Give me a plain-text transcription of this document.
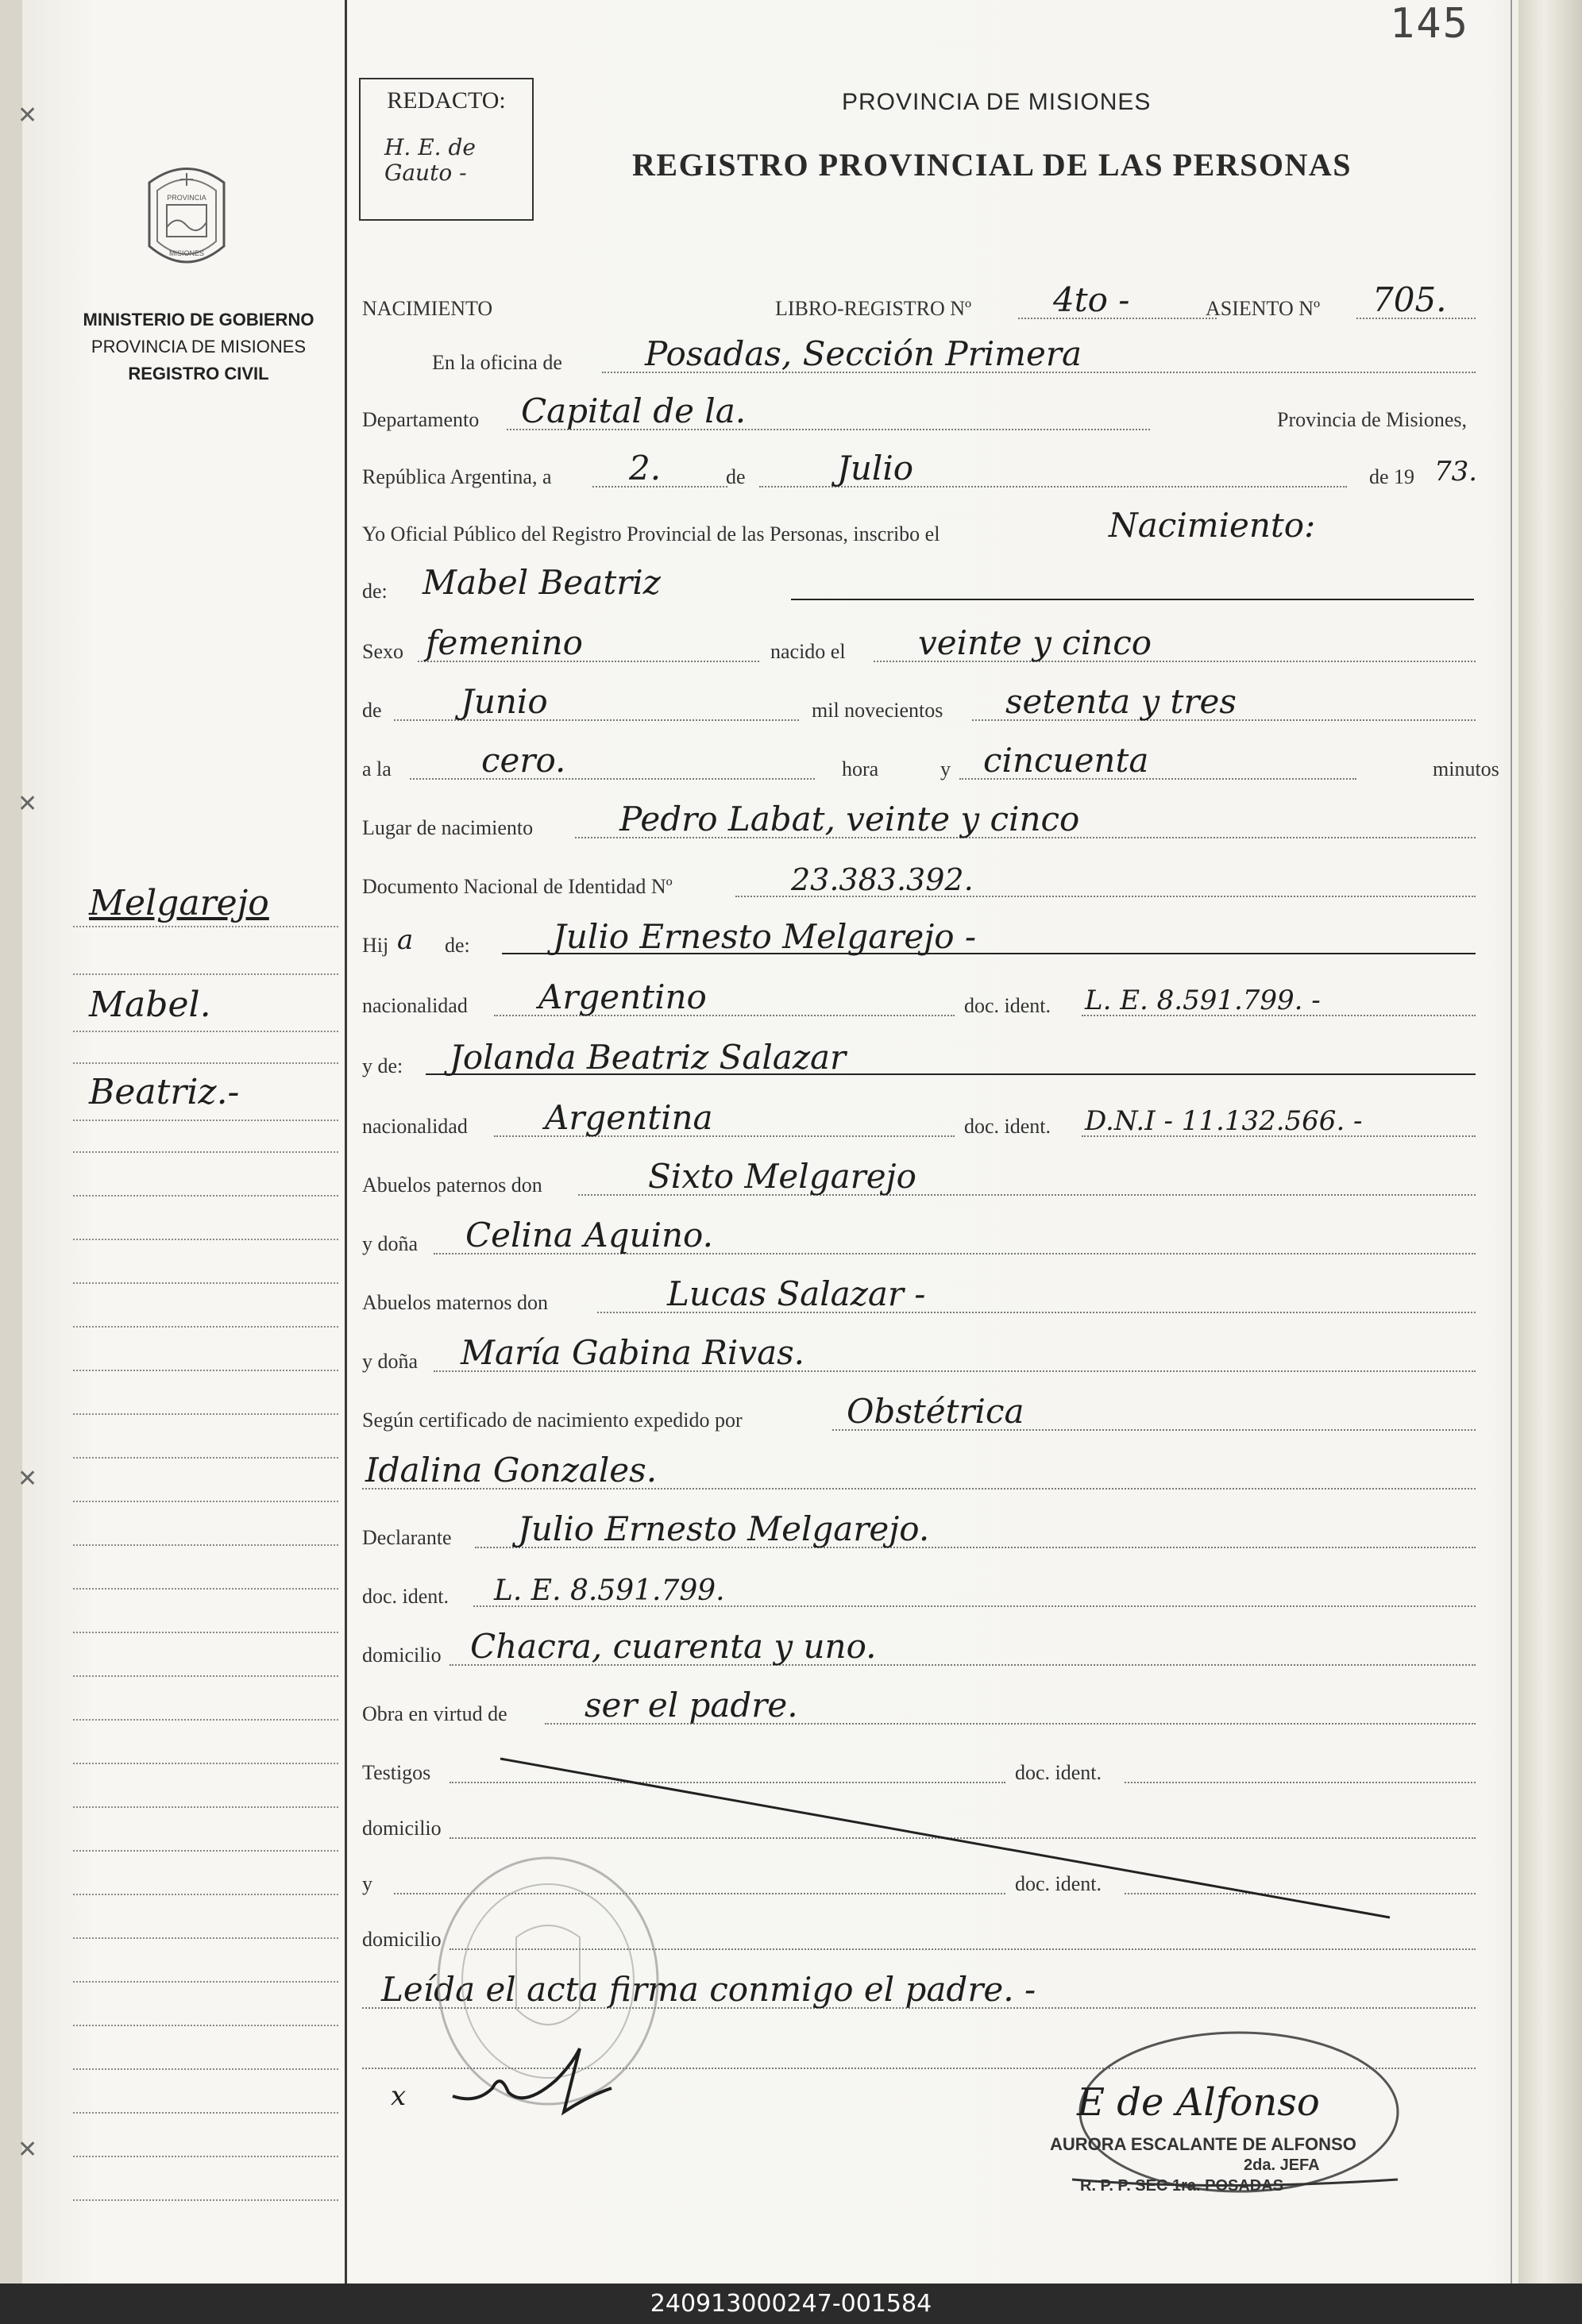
145
PROVINCIA
MISIONES
MINISTERIO DE GOBIERNO
PROVINCIA DE MISIONES
REGISTRO CIVIL
Melgarejo
Mabel.
Beatriz.-
✕
✕
✕
✕
REDACTO:
H. E. de Gauto -
PROVINCIA DE MISIONES
REGISTRO PROVINCIAL DE LAS PERSONAS
NACIMIENTO	LIBRO-REGISTRO Nº 4to -	ASIENTO Nº 705.
En la oficina de Posadas, Sección Primera
Departamento Capital de la.	Provincia de Misiones,
República Argentina, a 2.	de	Julio	de 19 73.
Yo Oficial Público del Registro Provincial de las Personas, inscribo el	Nacimiento:
de: Mabel Beatriz
Sexo femenino	nacido el veinte y cinco
de Junio	mil novecientos setenta y tres
a la	cero.	hora	y cincuenta	minutos
Lugar de nacimiento	Pedro Labat, veinte y cinco
Documento Nacional de Identidad Nº	23.383.392.
Hij a de: Julio Ernesto Melgarejo -
nacionalidad Argentino	doc. ident. L. E. 8.591.799. -
y de: Jolanda Beatriz Salazar
nacionalidad Argentina	doc. ident. D.N.I - 11.132.566. -
Abuelos paternos don	Sixto Melgarejo
y doña Celina Aquino.
Abuelos maternos don	Lucas Salazar -
y doña María Gabina Rivas.
Según certificado de nacimiento expedido por	Obstétrica
Idalina Gonzales.
Declarante Julio Ernesto Melgarejo.
doc. ident. L. E. 8.591.799.
domicilio Chacra, cuarenta y uno.
Obra en virtud de ser el padre.
Testigos	doc. ident.
domicilio
y	doc. ident.
domicilio
Leída el acta firma conmigo el padre. -
x	E de Alfonso
AURORA ESCALANTE DE ALFONSO
2da. JEFA
R. P. P. SEC 1ra. POSADAS
240913000247-001584
